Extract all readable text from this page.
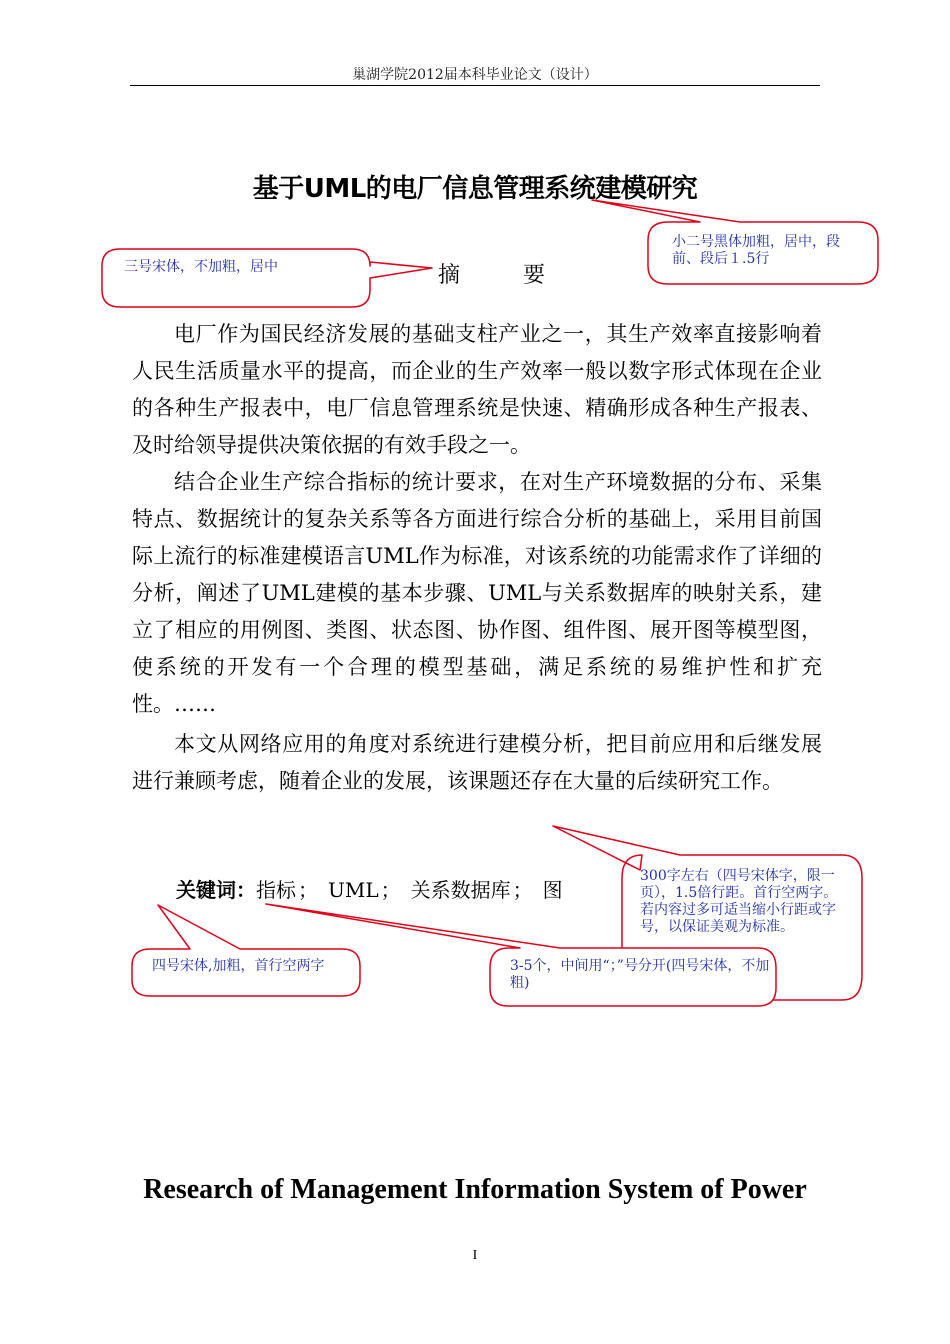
巢湖学院2012届本科毕业论文（设计）
基于UML的电厂信息管理系统建模研究
摘 要

电厂作为国民经济发展的基础支柱产业之一，其生产效率直接影响着人民生活质量水平的提高，而企业的生产效率一般以数字形式体现在企业的各种生产报表中，电厂信息管理系统是快速、精确形成各种生产报表、及时给领导提供决策依据的有效手段之一。

结合企业生产综合指标的统计要求，在对生产环境数据的分布、采集特点、数据统计的复杂关系等各方面进行综合分析的基础上，采用目前国际上流行的标准建模语言UML作为标准，对该系统的功能需求作了详细的分析，阐述了UML建模的基本步骤、UML与关系数据库的映射关系，建立了相应的用例图、类图、状态图、协作图、组件图、展开图等模型图，使系统的开发有一个合理的模型基础，满足系统的易维护性和扩充性。……

本文从网络应用的角度对系统进行建模分析，把目前应用和后继发展进行兼顾考虑，随着企业的发展，该课题还存在大量的后续研究工作。

关键词：指标 ； UML ； 关系数据库 ； 图
小二号黑体加粗，居中，段前、段后１.5行
三号宋体，不加粗，居中
300字左右（四号宋体字，限一页），1.5倍行距。首行空两字。若内容过多可适当缩小行距或字号，以保证美观为标准。
四号宋体,加粗，首行空两字	3-5个，中间用“；”号分开(四号宋体，不加粗)
Research of Management Information System of Power
I
